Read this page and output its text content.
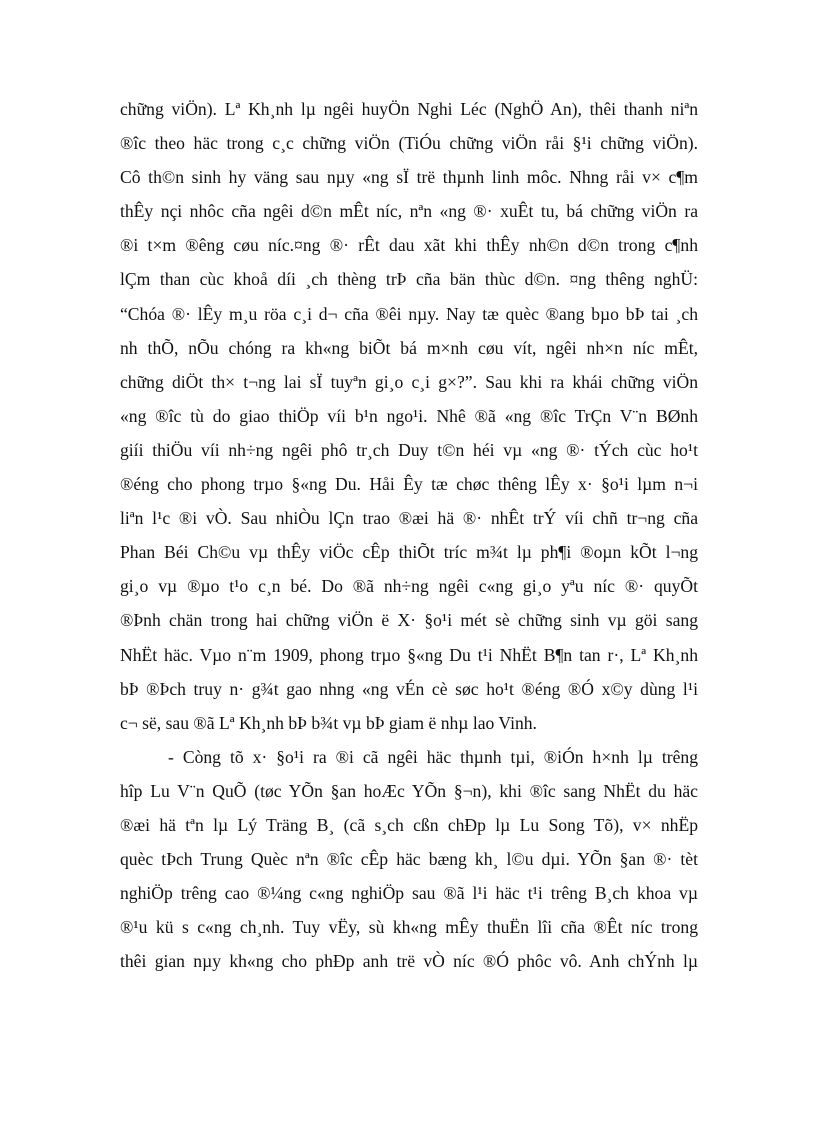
chững viÖn). Lª Kh¸nh lµ ngêi huyÖn Nghi Léc (NghÖ An), thêi thanh niªn
®îc theo häc trong c¸c chững viÖn (TiÓu chững viÖn råi §¹i chững viÖn).
Cô th©n sinh hy väng sau nµy «ng sÏ trë thµnh linh môc. Nhng råi v× c¶m
thÊy nçi nhôc cña ngêi d©n mÊt níc, nªn «ng ®· xuÊt tu, bá chững viÖn ra
®i t×m ®êng cøu níc.¤ng ®· rÊt dau xãt khi thÊy nh©n d©n trong c¶nh
lÇm than cùc khoå díi ¸ch thèng trÞ cña bän thùc d©n. ¤ng thêng nghÜ:
“Chóa ®· lÊy m¸u röa c¸i d¬ cña ®êi nµy. Nay tæ quèc ®ang bµo bÞ tai ¸ch
nh thÕ, nÕu chóng ra kh«ng biÕt bá m×nh cøu vít, ngêi nh×n níc mÊt,
chững diÖt th× t¬ng lai sÏ tuyªn gi¸o c¸i g×?”. Sau khi ra khái chững viÖn
«ng ®îc tù do giao thiÖp víi b¹n ngo¹i. Nhê ®ã «ng ®îc TrÇn V¨n BØnh
giíi thiÖu víi nh÷ng ngêi phô tr¸ch Duy t©n héi vµ «ng ®· tÝch cùc ho¹t
®éng cho phong trµo §«ng Du. Håi Êy tæ chøc thêng lÊy x· §o¹i lµm n¬i
liªn l¹c ®i vÒ. Sau nhiÒu lÇn trao ®æi hä ®· nhÊt trÝ víi chñ tr¬ng cña
Phan Béi Ch©u vµ thÊy viÖc cÊp thiÕt tríc m¾t lµ ph¶i ®oµn kÕt l¬ng
gi¸o vµ ®µo t¹o c¸n bé. Do ®ã nh÷ng ngêi c«ng gi¸o yªu níc ®· quyÕt
®Þnh chän trong hai chững viÖn ë X· §o¹i mét sè chững sinh vµ göi sang
NhËt häc. Vµo n¨m 1909, phong trµo §«ng Du t¹i NhËt B¶n tan r·, Lª Kh¸nh
bÞ ®Þch truy n· g¾t gao nhng «ng vÉn cè søc ho¹t ®éng ®Ó x©y dùng l¹i
c¬ së, sau ®ã Lª Kh¸nh bÞ b¾t vµ bÞ giam ë nhµ lao Vinh.
- Còng tõ x· §o¹i ra ®i cã ngêi häc thµnh tµi, ®iÓn h×nh lµ trêng
hîp Lu V¨n QuÕ (tøc YÕn §an hoÆc YÕn §¬n), khi ®îc sang NhËt du häc
®æi hä tªn lµ Lý Träng B¸ (cã s¸ch cßn chÐp lµ Lu Song Tõ), v× nhËp
quèc tÞch Trung Quèc nªn ®îc cÊp häc bæng kh¸ l©u dµi. YÕn §an ®· tèt
nghiÖp trêng cao ®¼ng c«ng nghiÖp sau ®ã l¹i häc t¹i trêng B¸ch khoa vµ
®¹u kü s c«ng ch¸nh. Tuy vËy, sù kh«ng mÊy thuËn lîi cña ®Êt níc trong
thêi gian nµy kh«ng cho phÐp anh trë vÒ níc ®Ó phôc vô. Anh chÝnh lµ
